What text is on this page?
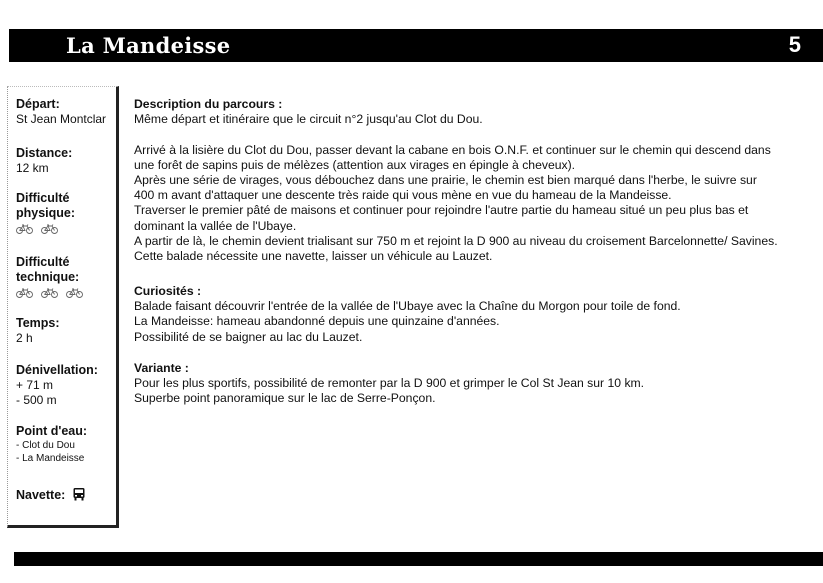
La Mandeisse	5
Départ:
St Jean Montclar
Distance:
12 km
Difficulté
physique:
Difficulté
technique:
Temps:
2 h
Dénivellation:
+ 71 m
- 500 m
Point d'eau:
- Clot du Dou
- La Mandeisse
Navette:
Description du parcours :
Même départ et itinéraire que le circuit n°2 jusqu'au Clot du Dou.

Arrivé à la lisière du Clot du Dou, passer devant la cabane en bois O.N.F. et continuer sur le chemin qui descend dans
une forêt de sapins puis de mélèzes (attention aux virages en épingle à cheveux).
Après une série de virages, vous débouchez dans une prairie, le chemin est bien marqué dans l'herbe, le suivre sur
400 m avant d'attaquer une descente très raide qui vous mène en vue du hameau de la Mandeisse.
Traverser le premier pâté de maisons et continuer pour rejoindre l'autre partie du hameau situé un peu plus bas et
dominant la vallée de l'Ubaye.
A partir de là, le chemin devient trialisant sur 750 m et rejoint la D 900 au niveau du croisement Barcelonnette/ Savines.
Cette balade nécessite une navette, laisser un véhicule au Lauzet.
Curiosités :
Balade faisant découvrir l'entrée de la vallée de l'Ubaye avec la Chaîne du Morgon pour toile de fond.
La Mandeisse: hameau abandonné depuis une quinzaine d'années.
Possibilité de se baigner au lac du Lauzet.
Variante :
Pour les plus sportifs, possibilité de remonter par la D 900 et grimper le Col St Jean sur 10 km.
Superbe point panoramique sur le lac de Serre-Ponçon.
